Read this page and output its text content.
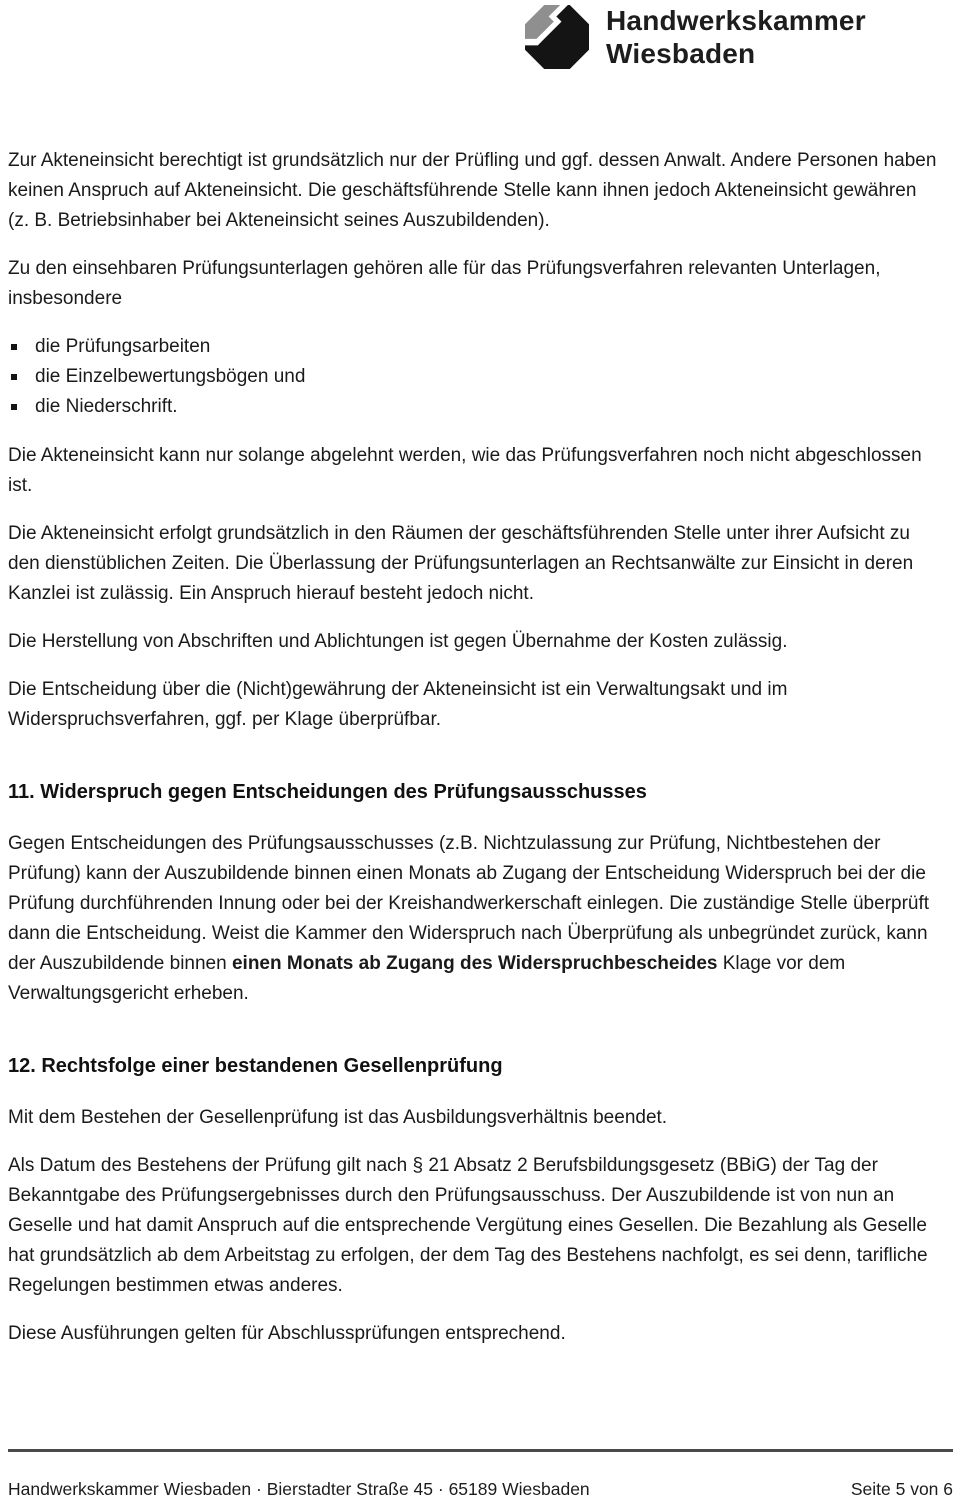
Handwerkskammer
Wiesbaden

Zur Akteneinsicht berechtigt ist grundsätzlich nur der Prüfling und ggf. dessen Anwalt. Andere Personen haben keinen Anspruch auf Akteneinsicht. Die geschäftsführende Stelle kann ihnen jedoch Akteneinsicht gewähren (z. B. Betriebsinhaber bei Akteneinsicht seines Auszubildenden).

Zu den einsehbaren Prüfungsunterlagen gehören alle für das Prüfungsverfahren relevanten Unterlagen, insbesondere

die Prüfungsarbeiten
die Einzelbewertungsbögen und
die Niederschrift.

Die Akteneinsicht kann nur solange abgelehnt werden, wie das Prüfungsverfahren noch nicht abgeschlossen ist.

Die Akteneinsicht erfolgt grundsätzlich in den Räumen der geschäftsführenden Stelle unter ihrer Aufsicht zu den dienstüblichen Zeiten. Die Überlassung der Prüfungsunterlagen an Rechtsanwälte zur Einsicht in deren Kanzlei ist zulässig. Ein Anspruch hierauf besteht jedoch nicht.

Die Herstellung von Abschriften und Ablichtungen ist gegen Übernahme der Kosten zulässig.

Die Entscheidung über die (Nicht)gewährung der Akteneinsicht ist ein Verwaltungsakt und im Widerspruchsverfahren, ggf. per Klage überprüfbar.

11. Widerspruch gegen Entscheidungen des Prüfungsausschusses

Gegen Entscheidungen des Prüfungsausschusses (z.B. Nichtzulassung zur Prüfung, Nichtbestehen der Prüfung) kann der Auszubildende binnen einen Monats ab Zugang der Entscheidung Widerspruch bei der die Prüfung durchführenden Innung oder bei der Kreishandwerkerschaft einlegen. Die zuständige Stelle überprüft dann die Entscheidung. Weist die Kammer den Widerspruch nach Überprüfung als unbegründet zurück, kann der Auszubildende binnen einen Monats ab Zugang des Widerspruchbescheides Klage vor dem Verwaltungsgericht erheben.

12. Rechtsfolge einer bestandenen Gesellenprüfung

Mit dem Bestehen der Gesellenprüfung ist das Ausbildungsverhältnis beendet.

Als Datum des Bestehens der Prüfung gilt nach § 21 Absatz 2 Berufsbildungsgesetz (BBiG) der Tag der Bekanntgabe des Prüfungsergebnisses durch den Prüfungsausschuss. Der Auszubildende ist von nun an Geselle und hat damit Anspruch auf die entsprechende Vergütung eines Gesellen. Die Bezahlung als Geselle hat grundsätzlich ab dem Arbeitstag zu erfolgen, der dem Tag des Bestehens nachfolgt, es sei denn, tarifliche Regelungen bestimmen etwas anderes.

Diese Ausführungen gelten für Abschlussprüfungen entsprechend.

Handwerkskammer Wiesbaden · Bierstadter Straße 45 · 65189 Wiesbaden	Seite 5 von 6
